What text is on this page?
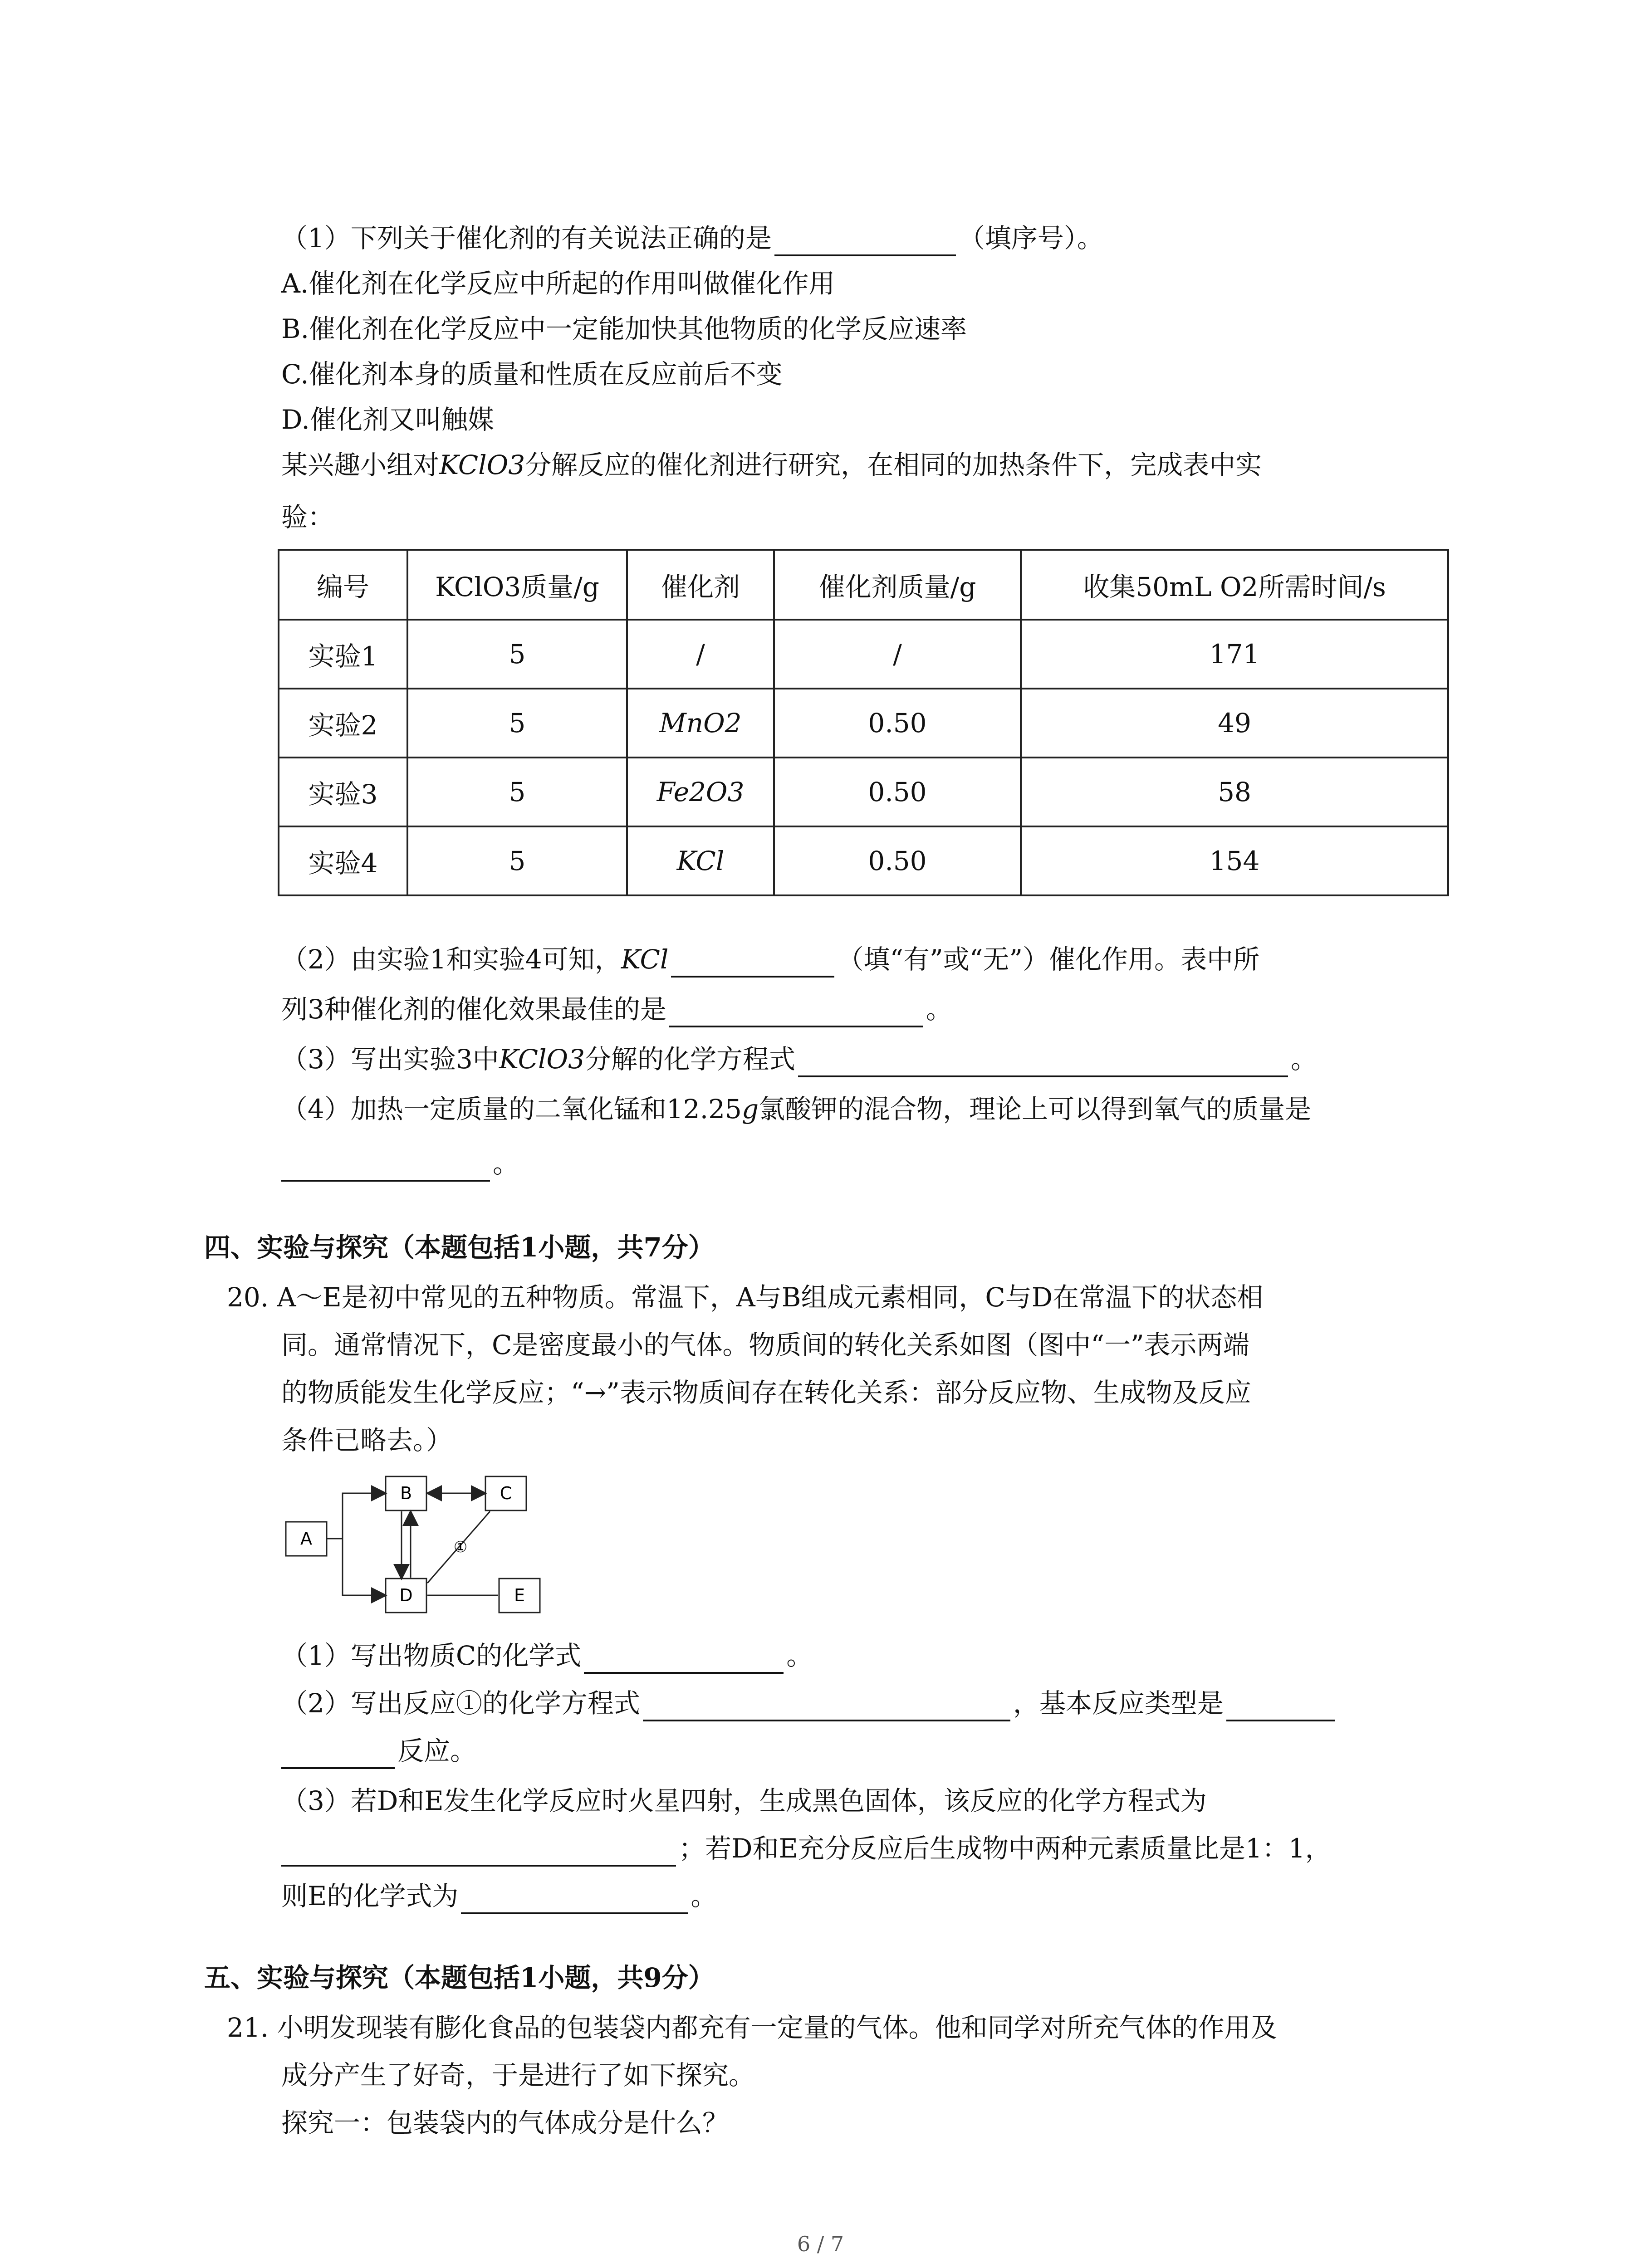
（1）下列关于催化剂的有关说法正确的是	（填序号）。
A.催化剂在化学反应中所起的作用叫做催化作用
B.催化剂在化学反应中一定能加快其他物质的化学反应速率
C.催化剂本身的质量和性质在反应前后不变
D.催化剂又叫触媒
某兴趣小组对KClO3分解反应的催化剂进行研究，在相同的加热条件下，完成表中实
验：
编号	KClO3质量/g	催化剂	催化剂质量/g	收集50mL O2所需时间/s
实验1	5	/	/	171
实验2	5	MnO2	0.50	49
实验3	5	Fe2O3	0.50	58
实验4	5	KCl	0.50	154
（2）由实验1和实验4可知，KCl	（填“有”或“无”）催化作用。表中所
列3种催化剂的催化效果最佳的是	。
（3）写出实验3中KClO3分解的化学方程式	。
（4）加热一定质量的二氧化锰和12.25g氯酸钾的混合物，理论上可以得到氧气的质量是
。
四、实验与探究（本题包括1小题，共7分）
20. A～E是初中常见的五种物质。常温下，A与B组成元素相同，C与D在常温下的状态相
同。通常情况下，C是密度最小的气体。物质间的转化关系如图（图中“一”表示两端
的物质能发生化学反应；“→”表示物质间存在转化关系：部分反应物、生成物及反应
条件已略去。）
A
B	C
D	E
①
（1）写出物质C的化学式	。
（2）写出反应①的化学方程式	，基本反应类型是
反应。
（3）若D和E发生化学反应时火星四射，生成黑色固体，该反应的化学方程式为
；若D和E充分反应后生成物中两种元素质量比是1：1，
则E的化学式为	。
五、实验与探究（本题包括1小题，共9分）
21. 小明发现装有膨化食品的包装袋内都充有一定量的气体。他和同学对所充气体的作用及
成分产生了好奇，于是进行了如下探究。
探究一：包装袋内的气体成分是什么？
6 / 7
